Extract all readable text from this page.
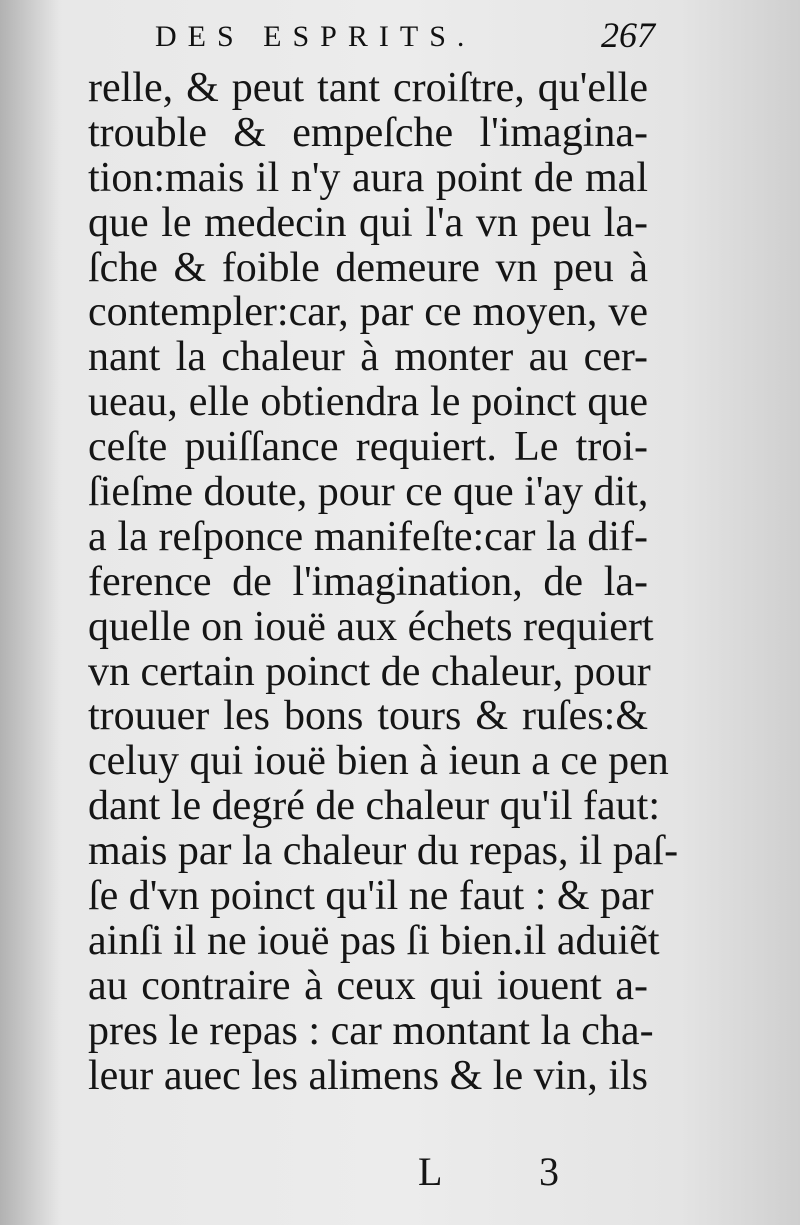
DES ESPRITS.	267
relle, & peut tant croiſtre, qu'elle
trouble & empeſche l'imagina-
tion:mais il n'y aura point de mal
que le medecin qui l'a vn peu la-
ſche & foible demeure vn peu à
contempler:car, par ce moyen, ve
nant la chaleur à monter au cer-
ueau, elle obtiendra le poinct que
ceſte puiſſance requiert. Le troi-
ſieſme doute, pour ce que i'ay dit,
a la reſponce manifeſte:car la dif-
ference de l'imagination, de la-
quelle on iouë aux échets requiert
vn certain poinct de chaleur, pour
trouuer les bons tours & ruſes:&
celuy qui iouë bien à ieun a ce pen
dant le degré de chaleur qu'il faut:
mais par la chaleur du repas, il paſ-
ſe d'vn poinct qu'il ne faut : & par
ainſi il ne iouë pas ſi bien.il aduiẽt
au contraire à ceux qui iouent a-
pres le repas : car montant la cha-
leur auec les alimens & le vin, ils
L 3
